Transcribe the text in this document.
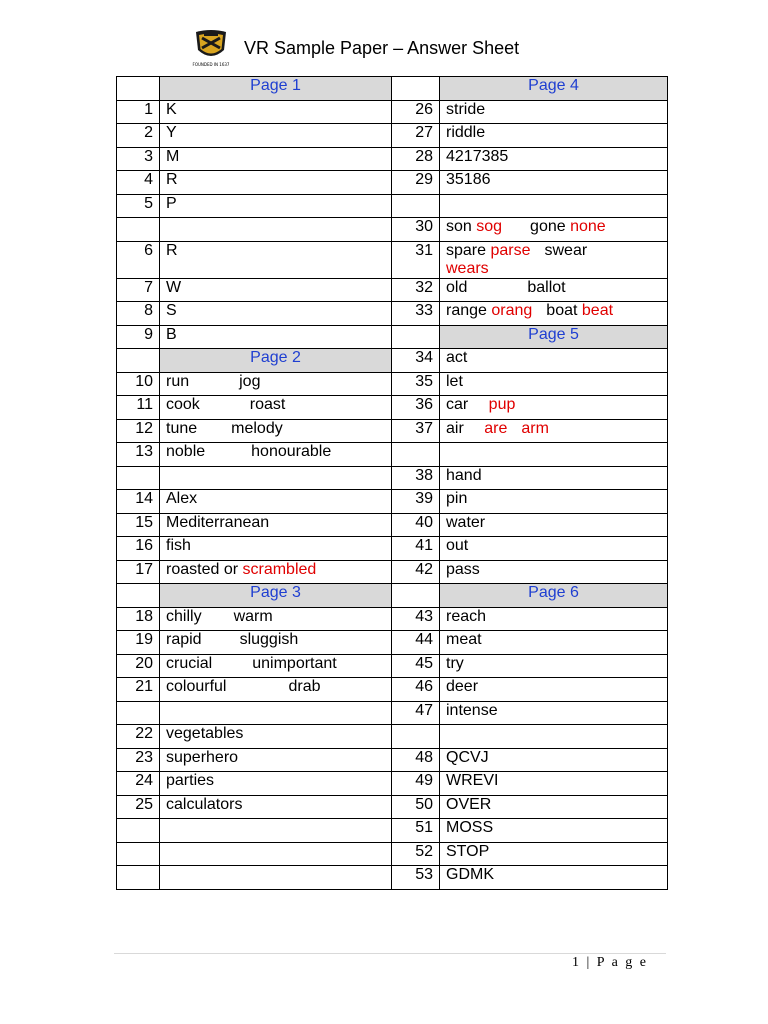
FOUNDED IN 1637
VR Sample Paper – Answer Sheet
	Page 1		Page 4
1	K	26	stride
2	Y	27	riddle
3	M	28	4217385
4	R	29	35186
5	P		
		30	son sog gone none
6	R	31	spare parse swear
wears
7	W	32	old ballot
8	S	33	range orang boat beat
9	B		Page 5
	Page 2	34	act
10	run jog	35	let
11	cook roast	36	car pup
12	tune melody	37	air are arm
13	noble honourable		
		38	hand
14	Alex	39	pin
15	Mediterranean	40	water
16	fish	41	out
17	roasted or scrambled	42	pass
	Page 3		Page 6
18	chilly warm	43	reach
19	rapid sluggish	44	meat
20	crucial unimportant	45	try
21	colourful drab	46	deer
		47	intense
22	vegetables		
23	superhero	48	QCVJ
24	parties	49	WREVI
25	calculators	50	OVER
		51	MOSS
		52	STOP
		53	GDMK
1 | P a g e
